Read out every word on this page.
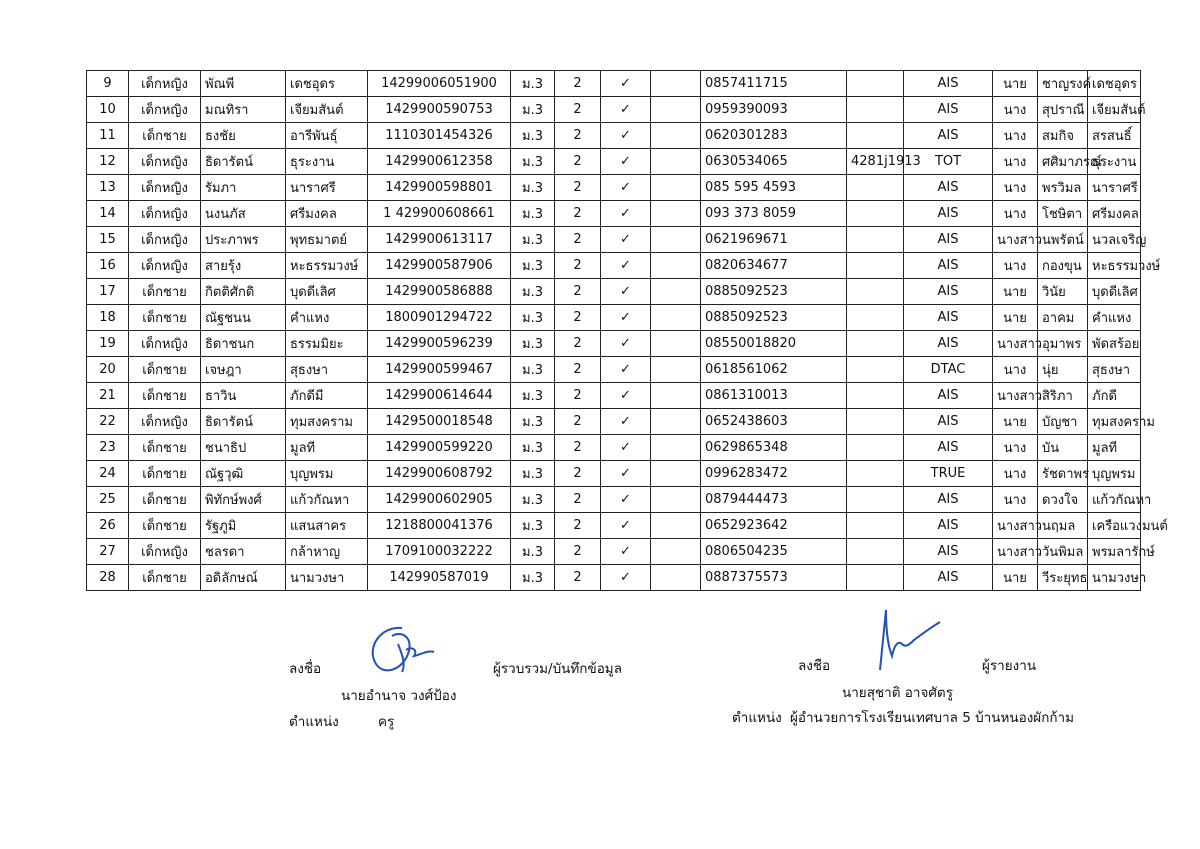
9	เด็กหญิง	พัณพี	เดชอุดร	14299006051900	ม.3	2	✓		0857411715		AIS	นาย	ชาญรงค์	เดชอุดร
10	เด็กหญิง	มณทิรา	เจียมสันต์	1429900590753	ม.3	2	✓		0959390093		AIS	นาง	สุปราณี	เจียมสันต์
11	เด็กชาย	ธงชัย	อารีพันธุ์	1110301454326	ม.3	2	✓		0620301283		AIS	นาง	สมกิจ	สรสนธิ์
12	เด็กหญิง	ธิดารัตน์	ธุระงาน	1429900612358	ม.3	2	✓		0630534065	4281j1913	TOT	นาง	ศศิมาภรณ์	ธุระงาน
13	เด็กหญิง	รัมภา	นาราศรี	1429900598801	ม.3	2	✓		085 595 4593		AIS	นาง	พรวิมล	นาราศรี
14	เด็กหญิง	นงนภัส	ศรีมงคล	1 429900608661	ม.3	2	✓		093 373 8059		AIS	นาง	โชษิตา	ศรีมงคล
15	เด็กหญิง	ประภาพร	พุทธมาตย์	1429900613117	ม.3	2	✓		0621969671		AIS	นางสาว	นพรัตน์	นวลเจริญ
16	เด็กหญิง	สายรุ้ง	หะธรรมวงษ์	1429900587906	ม.3	2	✓		0820634677		AIS	นาง	กองขุน	หะธรรมวงษ์
17	เด็กชาย	กิตติศักดิ	บุดดีเลิศ	1429900586888	ม.3	2	✓		0885092523		AIS	นาย	วินัย	บุดดีเลิศ
18	เด็กชาย	ณัฐชนน	คำแหง	1800901294722	ม.3	2	✓		0885092523		AIS	นาย	อาคม	คำแหง
19	เด็กหญิง	ธิดาชนก	ธรรมมิยะ	1429900596239	ม.3	2	✓		08550018820		AIS	นางสาว	อุมาพร	พัดสร้อย
20	เด็กชาย	เจษฎา	สุธงษา	1429900599467	ม.3	2	✓		0618561062		DTAC	นาง	นุ่ย	สุธงษา
21	เด็กชาย	ธาวิน	ภักดีมี	1429900614644	ม.3	2	✓		0861310013		AIS	นางสาว	สิริภา	ภักดี
22	เด็กหญิง	ธิดารัตน์	ทุมสงคราม	1429500018548	ม.3	2	✓		0652438603		AIS	นาย	บัญชา	ทุมสงคราม
23	เด็กชาย	ชนาธิป	มูลที	1429900599220	ม.3	2	✓		0629865348		AIS	นาง	บัน	มูลที
24	เด็กชาย	ณัฐวุฒิ	บุญพรม	1429900608792	ม.3	2	✓		0996283472		TRUE	นาง	รัชดาพร	บุญพรม
25	เด็กชาย	พิทักษ์พงศ์	แก้วกัณหา	1429900602905	ม.3	2	✓		0879444473		AIS	นาง	ดวงใจ	แก้วกัณหา
26	เด็กชาย	รัฐภูมิ	แสนสาคร	1218800041376	ม.3	2	✓		0652923642		AIS	นางสาว	นฤมล	เครือแวงมนต์
27	เด็กหญิง	ชลรดา	กล้าหาญ	1709100032222	ม.3	2	✓		0806504235		AIS	นางสาว	วันพิมล	พรมลารักษ์
28	เด็กชาย	อดิลักษณ์	นามวงษา	142990587019	ม.3	2	✓		0887375573		AIS	นาย	วีระยุทธ	นามวงษา
ลงชื่อ	ผู้รวบรวม/บันทึกข้อมูล
นายอำนาจ วงศ์ป้อง
ตำแหน่ง	ครู
ลงชือ	ผู้รายงาน
นายสุชาติ อาจศัตรู
ตำแหน่ง ผู้อำนวยการโรงเรียนเทศบาล 5 บ้านหนองผักก้าม
